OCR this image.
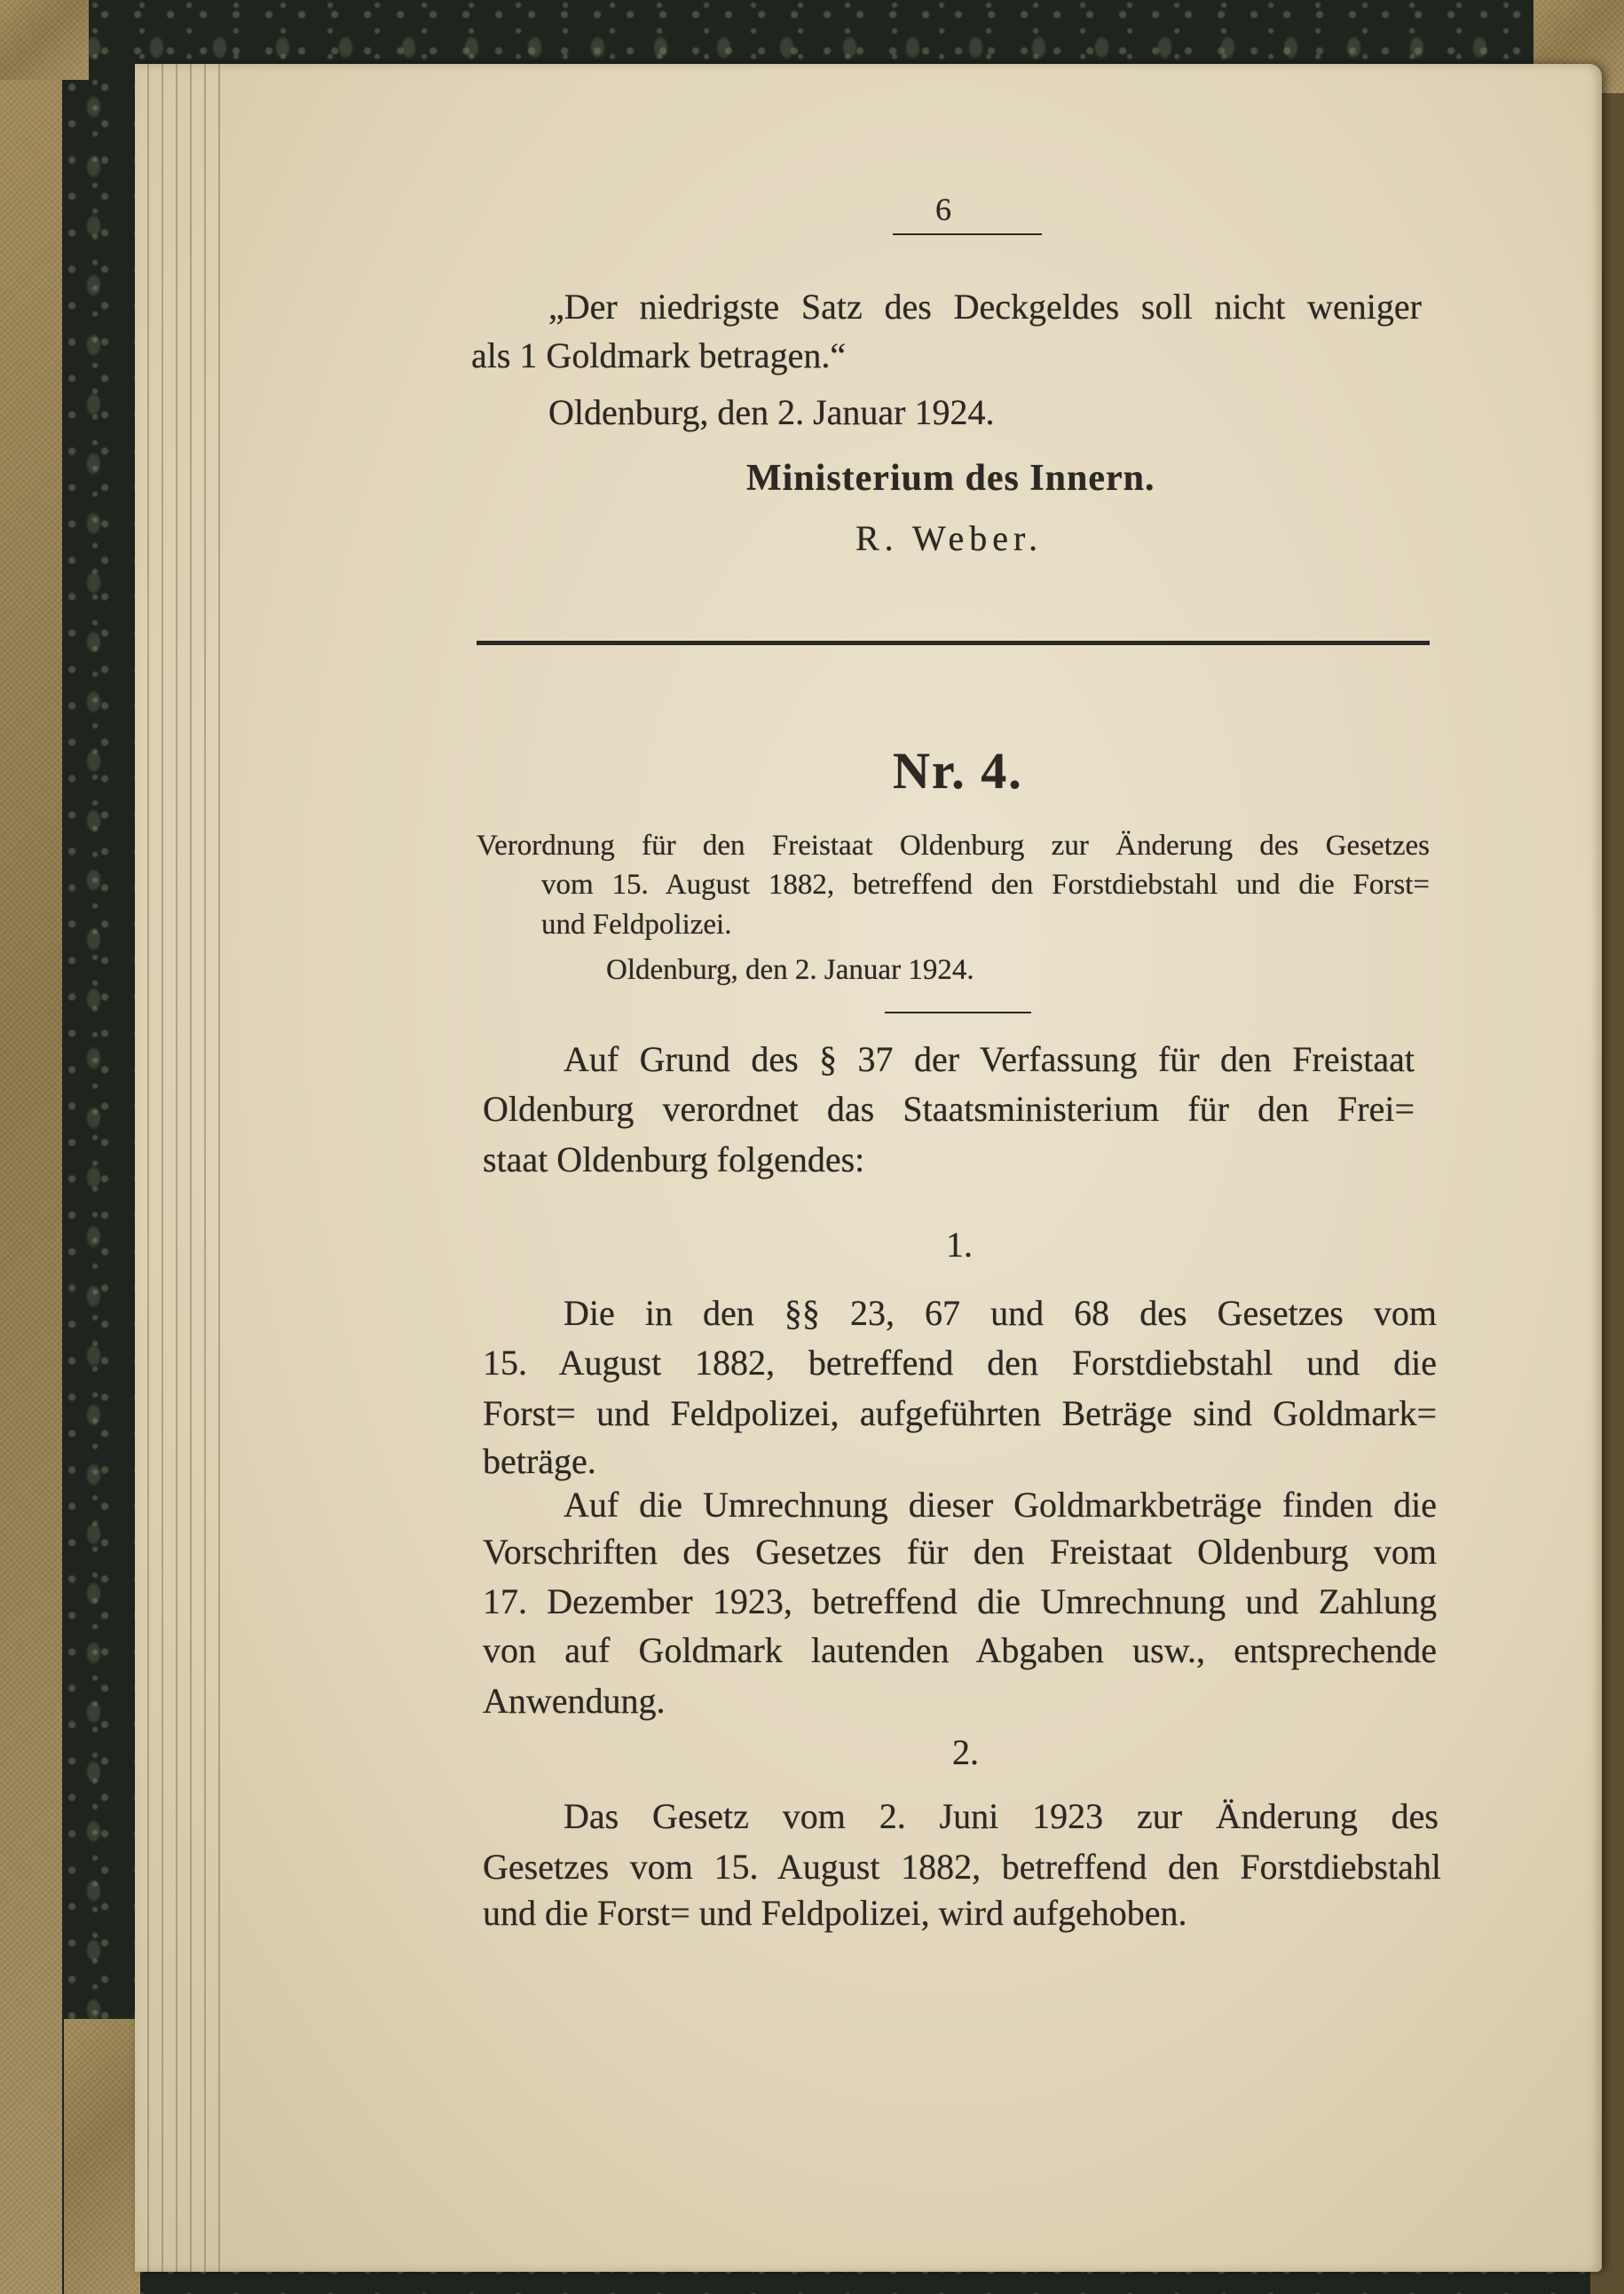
6
„Der niedrigste Satz des Deckgeldes soll nicht weniger
als 1 Goldmark betragen.“
Oldenburg, den 2. Januar 1924.
Ministerium des Innern.
R. Weber.
Nr. 4.
Verordnung für den Freistaat Oldenburg zur Änderung des Gesetzes
vom 15. August 1882, betreffend den Forstdiebstahl und die Forst=
und Feldpolizei.
Oldenburg, den 2. Januar 1924.
Auf Grund des § 37 der Verfassung für den Freistaat
Oldenburg verordnet das Staatsministerium für den Frei=
staat Oldenburg folgendes:
1.
Die in den §§ 23, 67 und 68 des Gesetzes vom
15. August 1882, betreffend den Forstdiebstahl und die
Forst= und Feldpolizei, aufgeführten Beträge sind Goldmark=
beträge.
Auf die Umrechnung dieser Goldmarkbeträge finden die
Vorschriften des Gesetzes für den Freistaat Oldenburg vom
17. Dezember 1923, betreffend die Umrechnung und Zahlung
von auf Goldmark lautenden Abgaben usw., entsprechende
Anwendung.
2.
Das Gesetz vom 2. Juni 1923 zur Änderung des
Gesetzes vom 15. August 1882, betreffend den Forstdiebstahl
und die Forst= und Feldpolizei, wird aufgehoben.
